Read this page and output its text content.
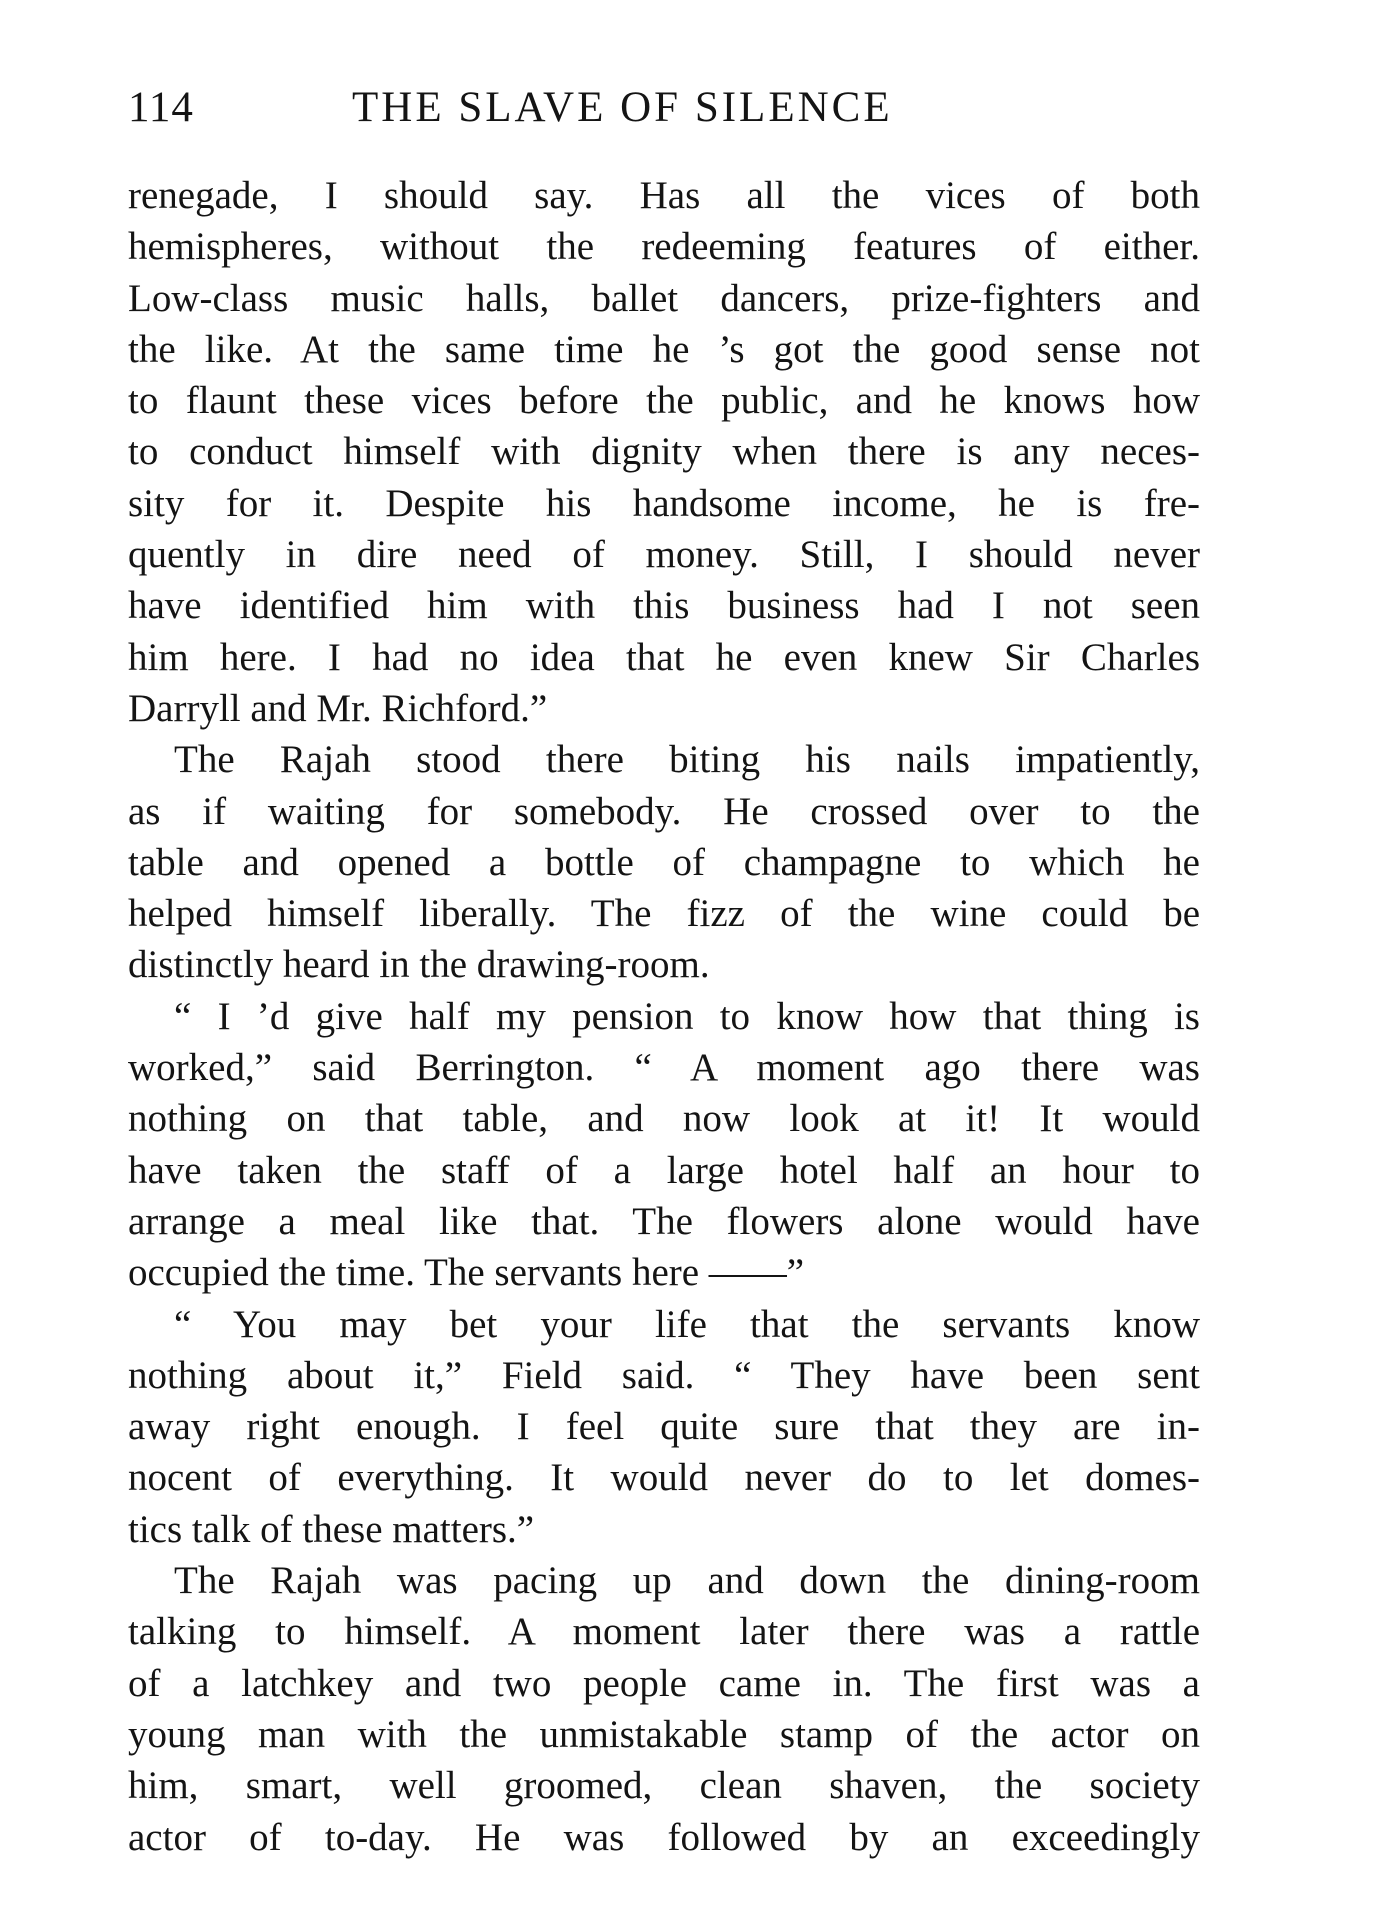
114	THE SLAVE OF SILENCE
renegade, I should say. Has all the vices of both
hemispheres, without the redeeming features of either.
Low-class music halls, ballet dancers, prize-fighters and
the like. At the same time he ’s got the good sense not
to flaunt these vices before the public, and he knows how
to conduct himself with dignity when there is any neces-
sity for it. Despite his handsome income, he is fre-
quently in dire need of money. Still, I should never
have identified him with this business had I not seen
him here. I had no idea that he even knew Sir Charles
Darryll and Mr. Richford.”
The Rajah stood there biting his nails impatiently,
as if waiting for somebody. He crossed over to the
table and opened a bottle of champagne to which he
helped himself liberally. The fizz of the wine could be
distinctly heard in the drawing-room.
“ I ’d give half my pension to know how that thing is
worked,” said Berrington. “ A moment ago there was
nothing on that table, and now look at it! It would
have taken the staff of a large hotel half an hour to
arrange a meal like that. The flowers alone would have
occupied the time. The servants here ——”
“ You may bet your life that the servants know
nothing about it,” Field said. “ They have been sent
away right enough. I feel quite sure that they are in-
nocent of everything. It would never do to let domes-
tics talk of these matters.”
The Rajah was pacing up and down the dining-room
talking to himself. A moment later there was a rattle
of a latchkey and two people came in. The first was a
young man with the unmistakable stamp of the actor on
him, smart, well groomed, clean shaven, the society
actor of to-day. He was followed by an exceedingly
